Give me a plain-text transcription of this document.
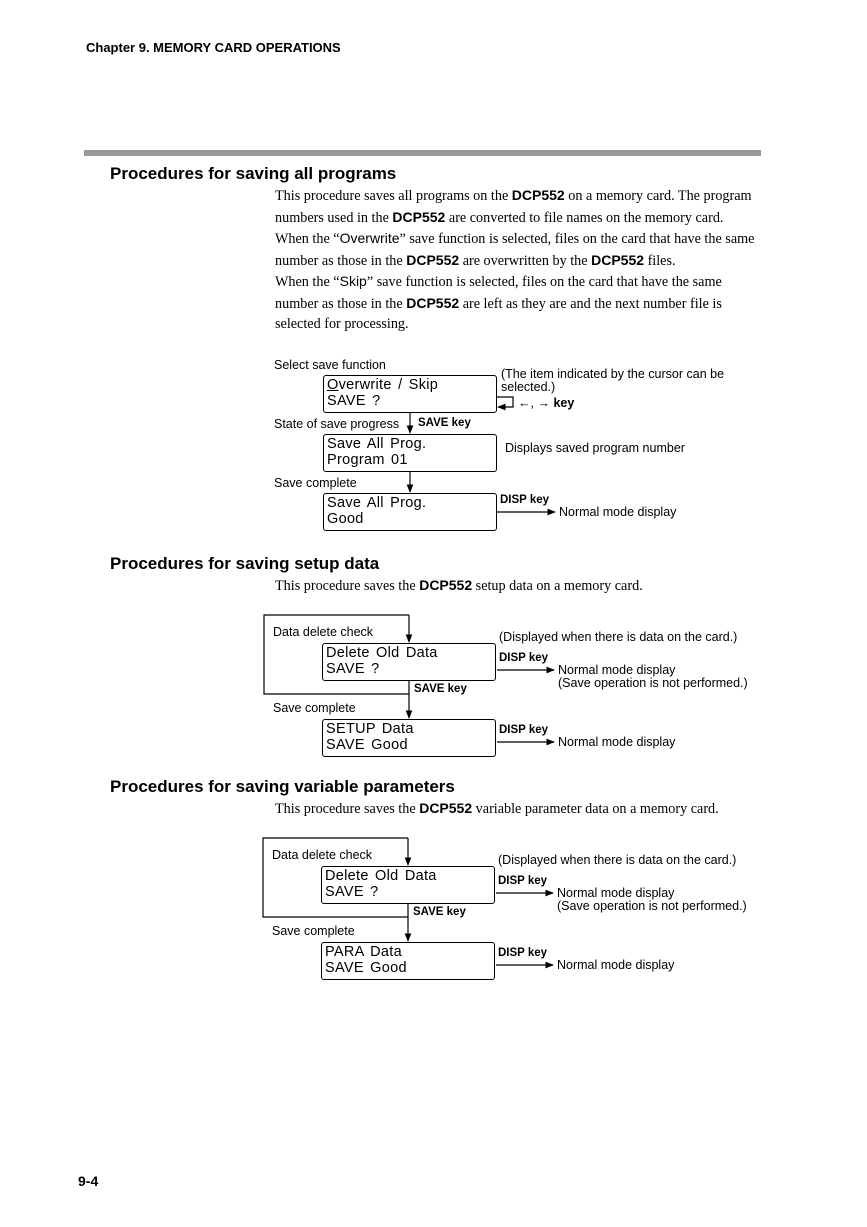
Chapter 9. MEMORY CARD OPERATIONS
Procedures for saving all programs
This procedure saves all programs on the DCP552 on a memory card. The program numbers used in the DCP552 are converted to file names on the memory card.
When the “Overwrite” save function is selected, files on the card that have the same number as those in the DCP552 are overwritten by the DCP552 files.
When the “Skip” save function is selected, files on the card that have the same number as those in the DCP552 are left as they are and the next number file is selected for processing.
Select save function
Overwrite / Skip
SAVE ?
(The item indicated by the cursor can be selected.)
←, → key
State of save progress SAVE key
Save All Prog.
Program 01
Displays saved program number
Save complete
Save All Prog.
Good
DISP key
Normal mode display
Procedures for saving setup data
This procedure saves the DCP552 setup data on a memory card.
Data delete check	(Displayed when there is data on the card.)
Delete Old Data
SAVE ?
DISP key
Normal mode display
(Save operation is not performed.)
SAVE key
Save complete
SETUP Data
SAVE Good
DISP key
Normal mode display
Procedures for saving variable parameters
This procedure saves the DCP552 variable parameter data on a memory card.
Data delete check	(Displayed when there is data on the card.)
Delete Old Data
SAVE ?
DISP key
Normal mode display
(Save operation is not performed.)
SAVE key
Save complete
PARA Data
SAVE Good
DISP key
Normal mode display
9-4
